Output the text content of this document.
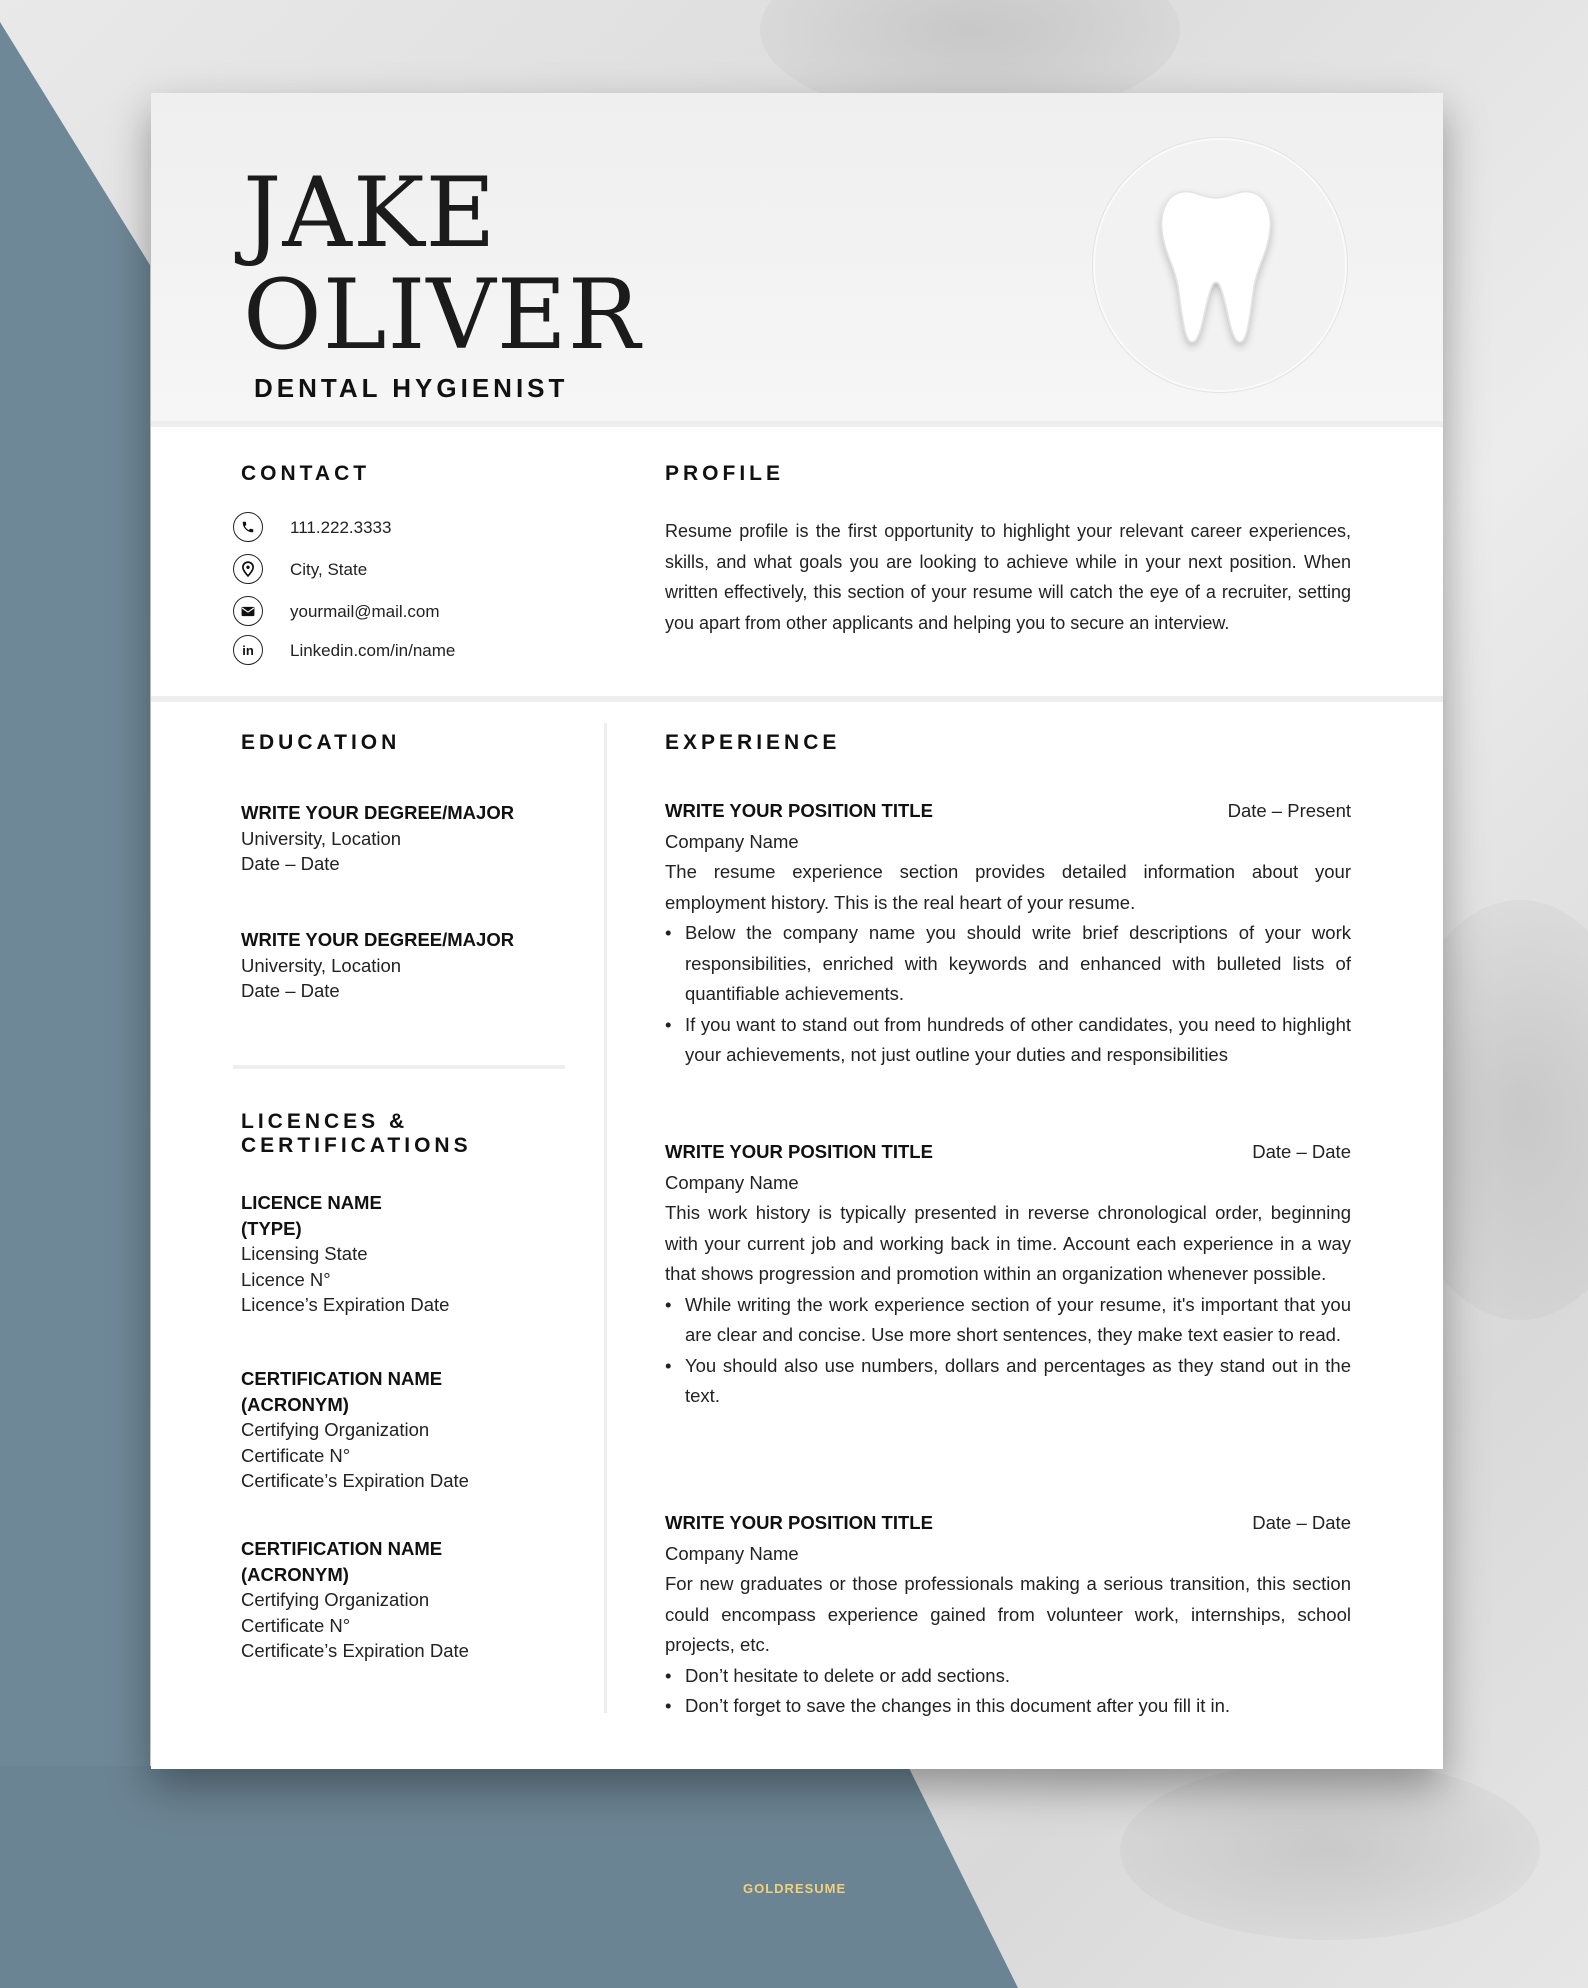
JAKE
OLIVER
DENTAL HYGIENIST
CONTACT
111.222.3333
City, State
yourmail@mail.com
in Linkedin.com/in/name
PROFILE
Resume profile is the first opportunity to highlight your relevant career experiences, skills, and what goals you are looking to achieve while in your next position. When written effectively, this section of your resume will catch the eye of a recruiter, setting you apart from other applicants and helping you to secure an interview.
EDUCATION
WRITE YOUR DEGREE/MAJOR
University, Location
Date – Date
WRITE YOUR DEGREE/MAJOR
University, Location
Date – Date
LICENCES &
CERTIFICATIONS
LICENCE NAME
(TYPE)
Licensing State
Licence N°
Licence’s Expiration Date
CERTIFICATION NAME
(ACRONYM)
Certifying Organization
Certificate N°
Certificate’s Expiration Date
CERTIFICATION NAME
(ACRONYM)
Certifying Organization
Certificate N°
Certificate’s Expiration Date
EXPERIENCE
WRITE YOUR POSITION TITLE	Date – Present
Company Name
The resume experience section provides detailed information about your employment history. This is the real heart of your resume.
• Below the company name you should write brief descriptions of your work responsibilities, enriched with keywords and enhanced with bulleted lists of quantifiable achievements.
• If you want to stand out from hundreds of other candidates, you need to highlight your achievements, not just outline your duties and responsibilities
WRITE YOUR POSITION TITLE	Date – Date
Company Name
This work history is typically presented in reverse chronological order, beginning with your current job and working back in time. Account each experience in a way that shows progression and promotion within an organization whenever possible.
• While writing the work experience section of your resume, it's important that you are clear and concise. Use more short sentences, they make text easier to read.
• You should also use numbers, dollars and percentages as they stand out in the text.
WRITE YOUR POSITION TITLE	Date – Date
Company Name
For new graduates or those professionals making a serious transition, this section could encompass experience gained from volunteer work, internships, school projects, etc.
• Don’t hesitate to delete or add sections.
• Don’t forget to save the changes in this document after you fill it in.
GOLDRESUME
